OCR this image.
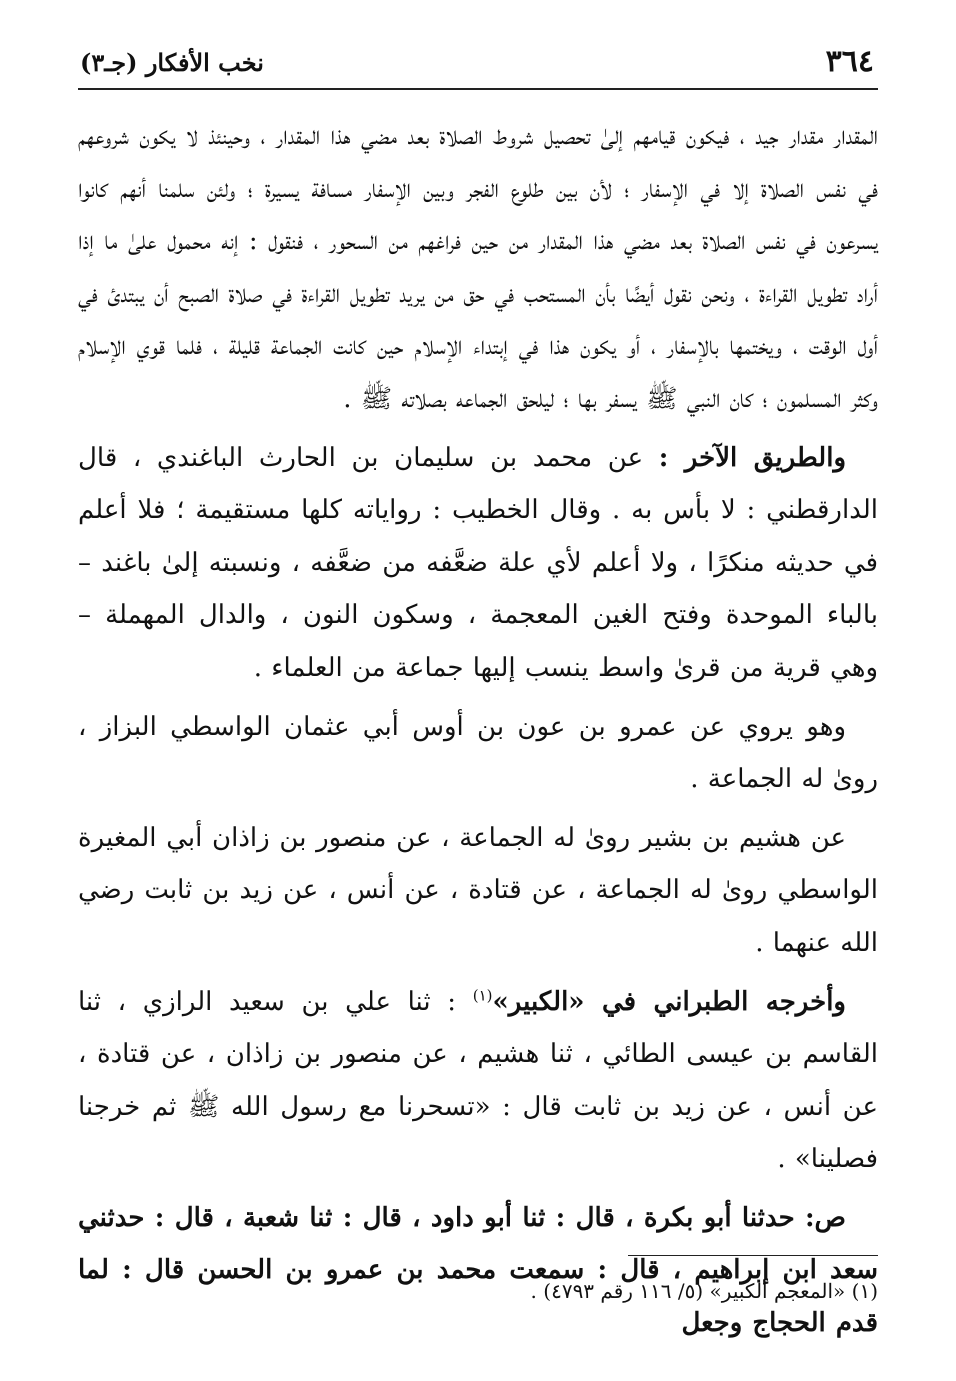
٣٦٤
نخب الأفكار (جـ٣)

المقدار مقدار جيد ، فيكون قيامهم إلىٰ تحصيل شروط الصلاة بعد مضي هذا المقدار ، وحينئذ لا يكون شروعهم في نفس الصلاة إلا في الإسفار ؛ لأن بين طلوع الفجر وبين الإسفار مسافة يسيرة ؛ ولئن سلمنا أنهم كانوا يسرعون في نفس الصلاة بعد مضي هذا المقدار من حين فراغهم من السحور ، فنقول : إنه محمول علىٰ ما إذا أراد تطويل القراءة ، ونحن نقول أيضًا بأن المستحب في حق من يريد تطويل القراءة في صلاة الصبح أن يبتدئ في أول الوقت ، ويختمها بالإسفار ، أو يكون هذا في إبتداء الإسلام حين كانت الجماعة قليلة ، فلما قوي الإسلام وكثر المسلمون ؛ كان النبي ﷺ يسفر بها ؛ ليلحق الجماعه بصلاته ﷺ .

والطريق الآخر : عن محمد بن سليمان بن الحارث الباغندي ، قال الدارقطني : لا بأس به . وقال الخطيب : رواياته كلها مستقيمة ؛ فلا أعلم في حديثه منكرًا ، ولا أعلم لأي علة ضعَّفه من ضعَّفه ، ونسبته إلىٰ باغند – بالباء الموحدة وفتح الغين المعجمة ، وسكون النون ، والدال المهملة – وهي قرية من قرىٰ واسط ينسب إليها جماعة من العلماء .

وهو يروي عن عمرو بن عون بن أوس أبي عثمان الواسطي البزاز ، روىٰ له الجماعة .

عن هشيم بن بشير روىٰ له الجماعة ، عن منصور بن زاذان أبي المغيرة الواسطي روىٰ له الجماعة ، عن قتادة ، عن أنس ، عن زيد بن ثابت رضي الله عنهما .

وأخرجه الطبراني في «الكبير»$^{(١)}$ : ثنا علي بن سعيد الرازي ، ثنا القاسم بن عيسى الطائي ، ثنا هشيم ، عن منصور بن زاذان ، عن قتادة ، عن أنس ، عن زيد بن ثابت قال : «تسحرنا مع رسول الله ﷺ ثم خرجنا فصلينا» .

ص: حدثنا أبو بكرة ، قال : ثنا أبو داود ، قال : ثنا شعبة ، قال : حدثني سعد ابن إبراهيم ، قال : سمعت محمد بن عمرو بن الحسن قال : لما قدم الحجاج وجعل

(١) «المعجم الكبير» (٥/ ١١٦ رقم ٤٧٩٣) .
